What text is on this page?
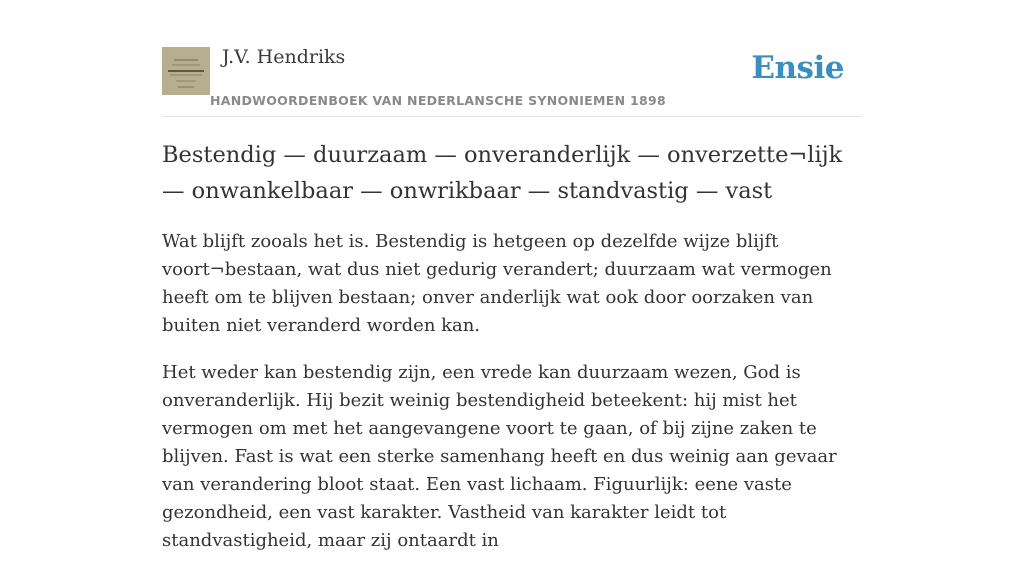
J.V. Hendriks
HANDWOORDENBOEK VAN NEDERLANSCHE SYNONIEMEN 1898
Ensie
Bestendig — duurzaam — onveranderlijk — onverzette¬lijk — onwankelbaar — onwrikbaar — standvastig — vast

Wat blijft zooals het is. Bestendig is hetgeen op dezelfde wijze blijft voort¬bestaan, wat dus niet gedurig verandert; duurzaam wat vermogen heeft om te blijven bestaan; onver anderlijk wat ook door oorzaken van buiten niet veranderd worden kan.

Het weder kan bestendig zijn, een vrede kan duurzaam wezen, God is onveranderlijk. Hij bezit weinig bestendigheid beteekent: hij mist het vermogen om met het aangevangene voort te gaan, of bij zijne zaken te blijven. Fast is wat een sterke samenhang heeft en dus weinig aan gevaar van verandering bloot staat. Een vast lichaam. Figuurlijk: eene vaste gezondheid, een vast karakter. Vastheid van karakter leidt tot standvastigheid, maar zij ontaardt in
